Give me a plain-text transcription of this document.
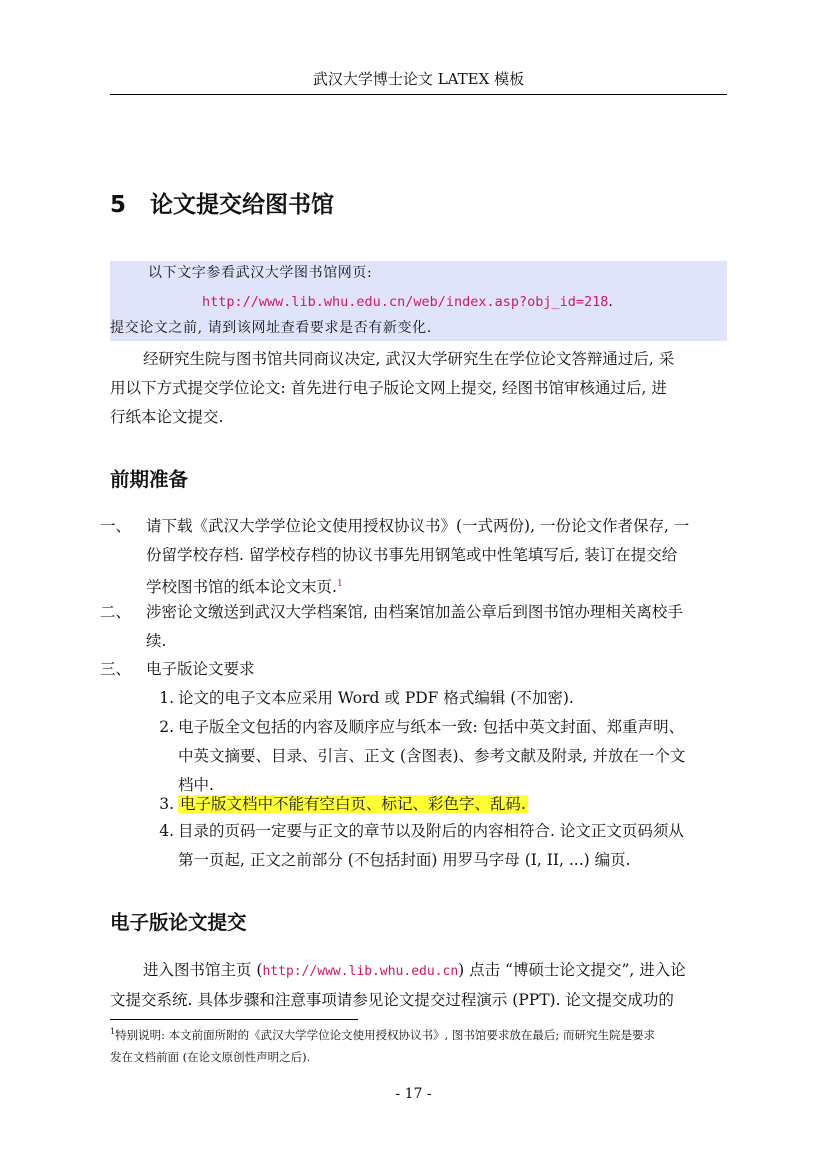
武汉大学博士论文 LATEX 模板
5 论文提交给图书馆
以下文字参看武汉大学图书馆网页:
http://www.lib.whu.edu.cn/web/index.asp?obj_id=218.
提交论文之前, 请到该网址查看要求是否有新变化.
经研究生院与图书馆共同商议决定, 武汉大学研究生在学位论文答辩通过后, 采
用以下方式提交学位论文: 首先进行电子版论文网上提交, 经图书馆审核通过后, 进
行纸本论文提交.
前期准备
一、 请下载《武汉大学学位论文使用授权协议书》(一式两份), 一份论文作者保存, 一
份留学校存档. 留学校存档的协议书事先用钢笔或中性笔填写后, 装订在提交给
学校图书馆的纸本论文末页.$^1$
二、 涉密论文缴送到武汉大学档案馆, 由档案馆加盖公章后到图书馆办理相关离校手
续.
三、 电子版论文要求
1. 论文的电子文本应采用 Word 或 PDF 格式编辑 (不加密).
2. 电子版全文包括的内容及顺序应与纸本一致: 包括中英文封面、郑重声明、
中英文摘要、目录、引言、正文 (含图表)、参考文献及附录, 并放在一个文
档中.
3. 电子版文档中不能有空白页、标记、彩色字、乱码.
4. 目录的页码一定要与正文的章节以及附后的内容相符合. 论文正文页码须从
第一页起, 正文之前部分 (不包括封面) 用罗马字母 (I, II, ...) 编页.
电子版论文提交
进入图书馆主页 (http://www.lib.whu.edu.cn) 点击 “博硕士论文提交”, 进入论
文提交系统. 具体步骤和注意事项请参见论文提交过程演示 (PPT). 论文提交成功的
$^1$特别说明: 本文前面所附的《武汉大学学位论文使用授权协议书》, 图书馆要求放在最后; 而研究生院是要求
发在文档前面 (在论文原创性声明之后).
- 17 -
